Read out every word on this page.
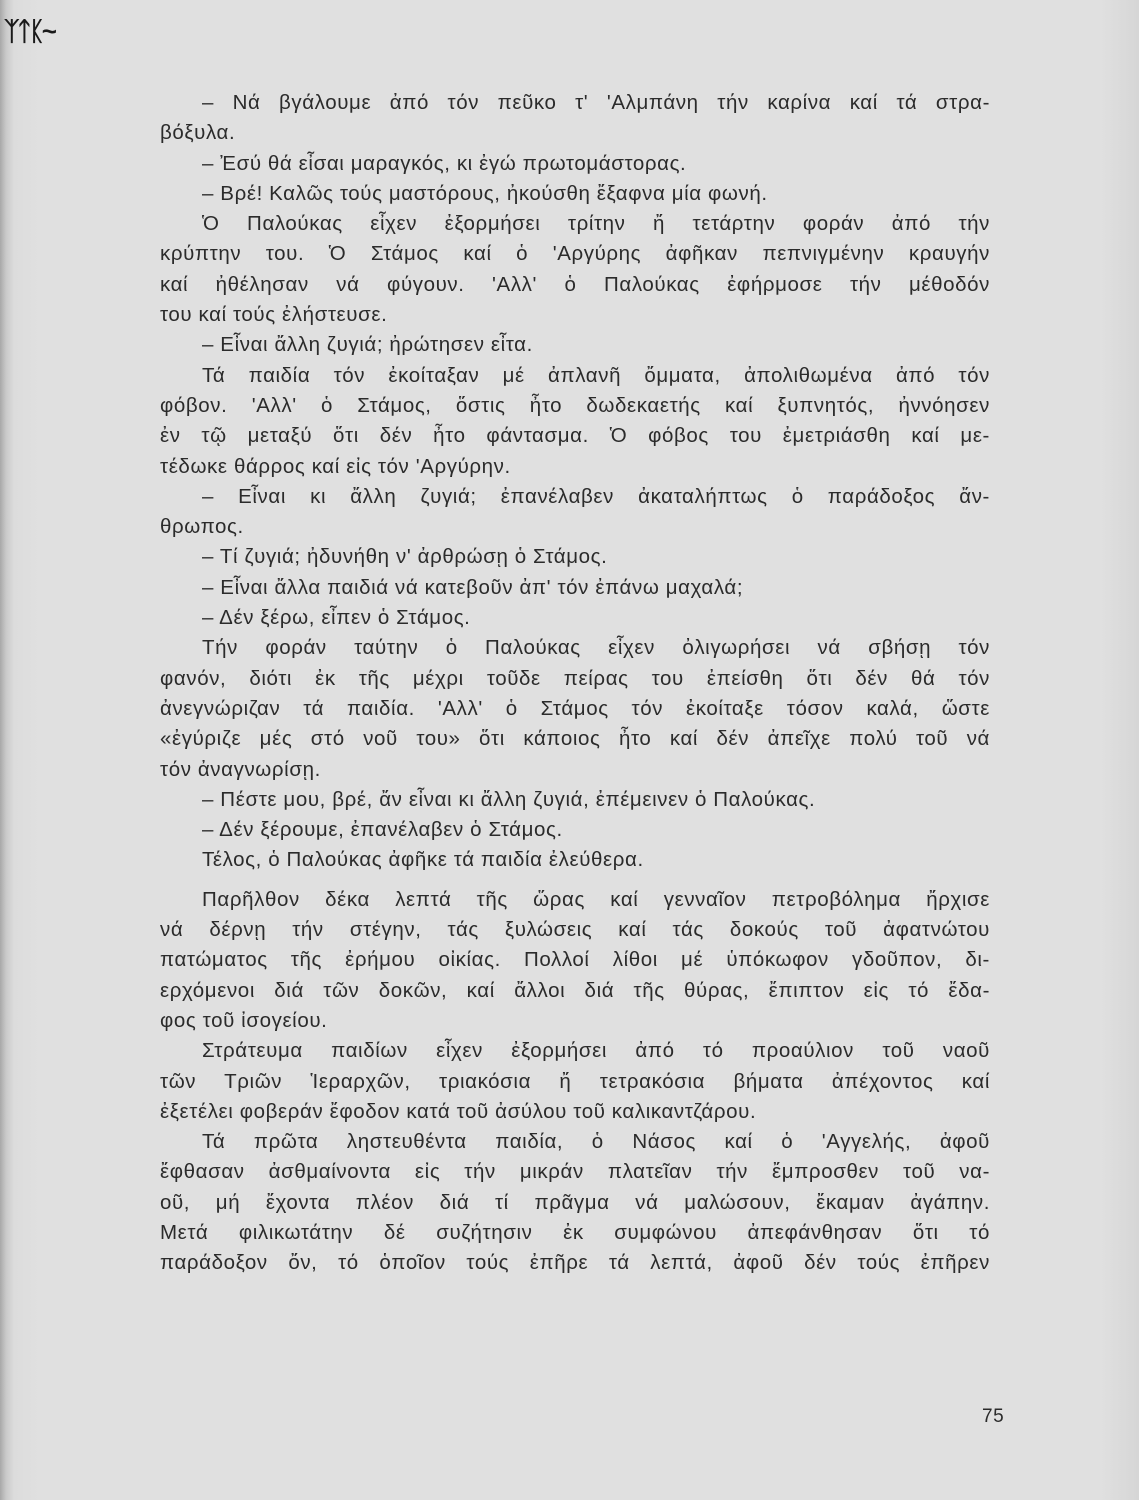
ᛉᛏᛕ~
– Νά βγάλουμε ἀπό τόν πεῦκο τ' 'Αλμπάνη τήν καρίνα καί τά στρα-
βόξυλα.
– Ἐσύ θά εἶσαι μαραγκός, κι ἐγώ πρωτομάστορας.
– Βρέ! Καλῶς τούς μαστόρους, ἠκούσθη ἔξαφνα μία φωνή.
Ὁ Παλούκας εἶχεν ἐξορμήσει τρίτην ἤ τετάρτην φοράν ἀπό τήν
κρύπτην του. Ὁ Στάμος καί ὁ 'Αργύρης ἀφῆκαν πεπνιγμένην κραυγήν
καί ἠθέλησαν νά φύγουν. 'Αλλ' ὁ Παλούκας ἐφήρμοσε τήν μέθοδόν
του καί τούς ἐλήστευσε.
– Εἶναι ἄλλη ζυγιά; ἠρώτησεν εἶτα.
Τά παιδία τόν ἐκοίταξαν μέ ἀπλανῆ ὄμματα, ἀπολιθωμένα ἀπό τόν
φόβον. 'Αλλ' ὁ Στάμος, ὅστις ἦτο δωδεκαετής καί ξυπνητός, ἠννόησεν
ἐν τῷ μεταξύ ὅτι δέν ἦτο φάντασμα. Ὁ φόβος του ἐμετριάσθη καί με-
τέδωκε θάρρος καί εἰς τόν 'Αργύρην.
– Εἶναι κι ἄλλη ζυγιά; ἐπανέλαβεν ἀκαταλήπτως ὁ παράδοξος ἄν-
θρωπος.
– Τί ζυγιά; ἠδυνήθη ν' ἀρθρώσῃ ὁ Στάμος.
– Εἶναι ἄλλα παιδιά νά κατεβοῦν ἀπ' τόν ἐπάνω μαχαλά;
– Δέν ξέρω, εἶπεν ὁ Στάμος.
Τήν φοράν ταύτην ὁ Παλούκας εἶχεν ὀλιγωρήσει νά σβήσῃ τόν
φανόν, διότι ἐκ τῆς μέχρι τοῦδε πείρας του ἐπείσθη ὅτι δέν θά τόν
ἀνεγνώριζαν τά παιδία. 'Αλλ' ὁ Στάμος τόν ἐκοίταξε τόσον καλά, ὥστε
«ἐγύριζε μές στό νοῦ του» ὅτι κάποιος ἦτο καί δέν ἀπεῖχε πολύ τοῦ νά
τόν ἀναγνωρίσῃ.
– Πέστε μου, βρέ, ἄν εἶναι κι ἄλλη ζυγιά, ἐπέμεινεν ὁ Παλούκας.
– Δέν ξέρουμε, ἐπανέλαβεν ὁ Στάμος.
Τέλος, ὁ Παλούκας ἀφῆκε τά παιδία ἐλεύθερα.
Παρῆλθον δέκα λεπτά τῆς ὥρας καί γενναῖον πετροβόλημα ἤρχισε
νά δέρνῃ τήν στέγην, τάς ξυλώσεις καί τάς δοκούς τοῦ ἀφατνώτου
πατώματος τῆς ἐρήμου οἰκίας. Πολλοί λίθοι μέ ὑπόκωφον γδοῦπον, δι-
ερχόμενοι διά τῶν δοκῶν, καί ἄλλοι διά τῆς θύρας, ἔπιπτον εἰς τό ἔδα-
φος τοῦ ἰσογείου.
Στράτευμα παιδίων εἶχεν ἐξορμήσει ἀπό τό προαύλιον τοῦ ναοῦ
τῶν Τριῶν Ἱεραρχῶν, τριακόσια ἤ τετρακόσια βήματα ἀπέχοντος καί
ἐξετέλει φοβεράν ἔφοδον κατά τοῦ ἀσύλου τοῦ καλικαντζάρου.
Τά πρῶτα ληστευθέντα παιδία, ὁ Νάσος καί ὁ 'Αγγελής, ἀφοῦ
ἔφθασαν ἀσθμαίνοντα εἰς τήν μικράν πλατεῖαν τήν ἔμπροσθεν τοῦ να-
οῦ, μή ἔχοντα πλέον διά τί πρᾶγμα νά μαλώσουν, ἔκαμαν ἀγάπην.
Μετά φιλικωτάτην δέ συζήτησιν ἐκ συμφώνου ἀπεφάνθησαν ὅτι τό
παράδοξον ὄν, τό ὁποῖον τούς ἐπῆρε τά λεπτά, ἀφοῦ δέν τούς ἐπῆρεν
75
